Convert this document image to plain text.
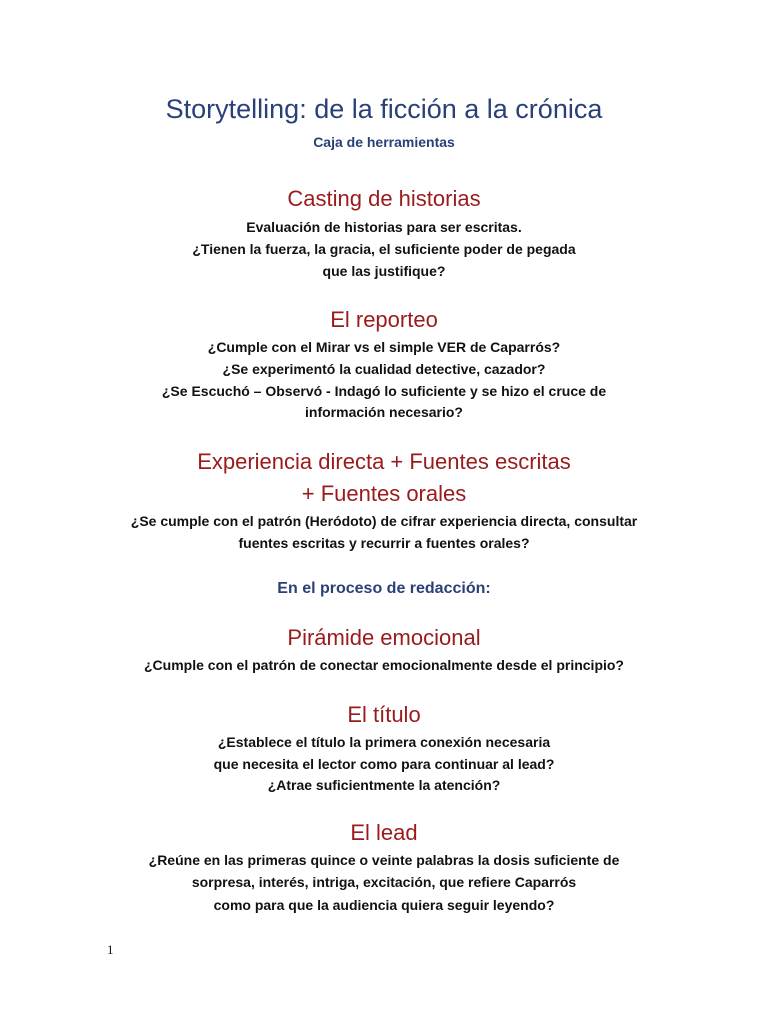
Storytelling: de la ficción a la crónica
Caja de herramientas
Casting de historias
Evaluación de historias para ser escritas.
¿Tienen la fuerza, la gracia, el suficiente poder de pegada
que las justifique?
El reporteo
¿Cumple con el Mirar vs el simple VER de Caparrós?
¿Se experimentó la cualidad detective, cazador?
¿Se Escuchó – Observó - Indagó lo suficiente y se hizo el cruce de
información necesario?
Experiencia directa + Fuentes escritas
+ Fuentes orales
¿Se cumple con el patrón (Heródoto) de cifrar experiencia directa, consultar
fuentes escritas y recurrir a fuentes orales?
En el proceso de redacción:
Pirámide emocional
¿Cumple con el patrón de conectar emocionalmente desde el principio?
El título
¿Establece el título la primera conexión necesaria
que necesita el lector como para continuar al lead?
¿Atrae suficientmente la atención?
El lead
¿Reúne en las primeras quince o veinte palabras la dosis suficiente de
sorpresa, interés, intriga, excitación, que refiere Caparrós
como para que la audiencia quiera seguir leyendo?
1
